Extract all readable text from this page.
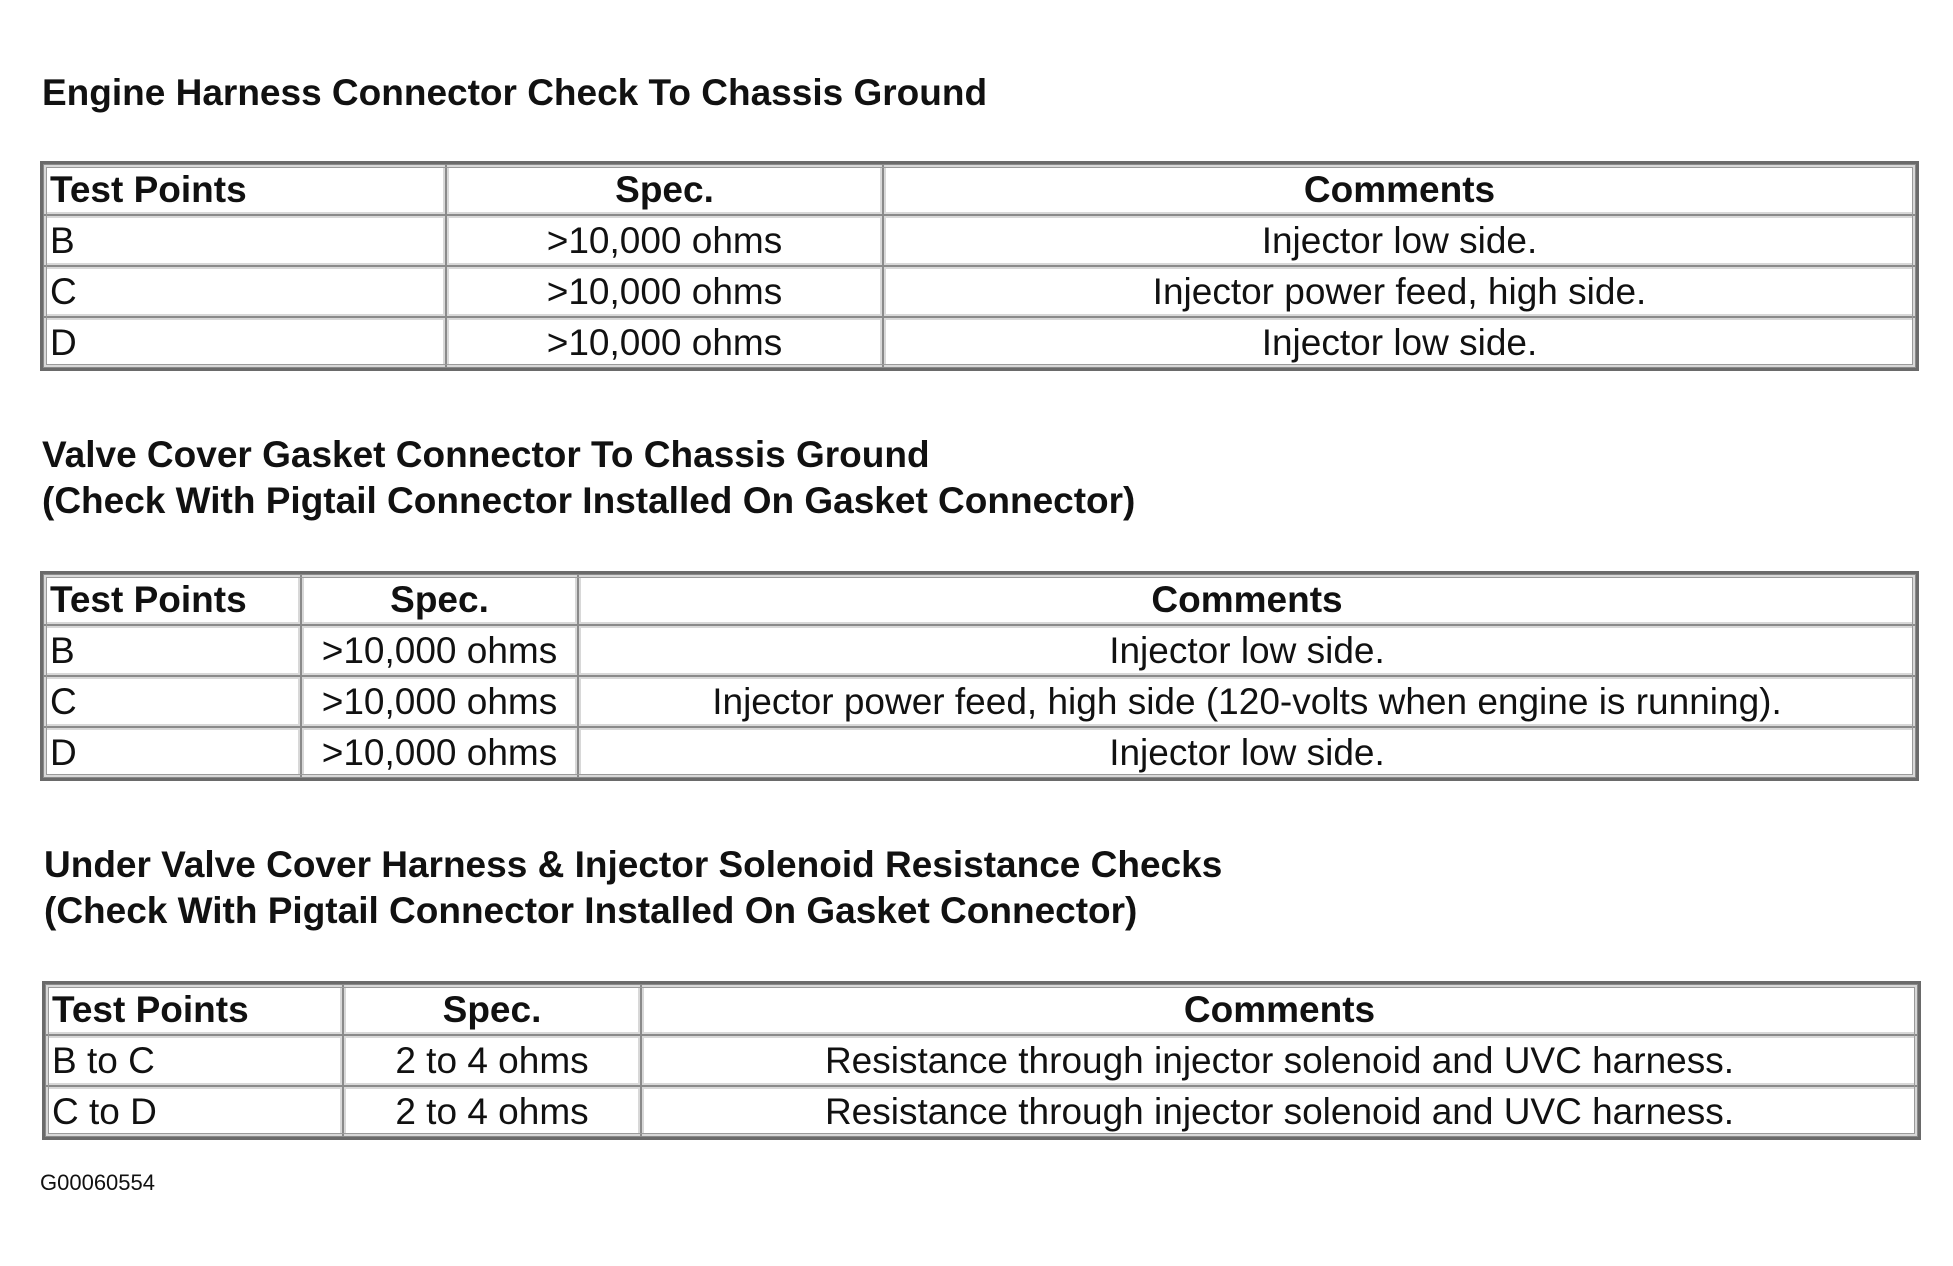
Engine Harness Connector Check To Chassis Ground
Test Points	Spec.	Comments
B	>10,000 ohms	Injector low side.
C	>10,000 ohms	Injector power feed, high side.
D	>10,000 ohms	Injector low side.
Valve Cover Gasket Connector To Chassis Ground
(Check With Pigtail Connector Installed On Gasket Connector)
Test Points	Spec.	Comments
B	>10,000 ohms	Injector low side.
C	>10,000 ohms	Injector power feed, high side (120-volts when engine is running).
D	>10,000 ohms	Injector low side.
Under Valve Cover Harness & Injector Solenoid Resistance Checks
(Check With Pigtail Connector Installed On Gasket Connector)
Test Points	Spec.	Comments
B to C	2 to 4 ohms	Resistance through injector solenoid and UVC harness.
C to D	2 to 4 ohms	Resistance through injector solenoid and UVC harness.
G00060554
